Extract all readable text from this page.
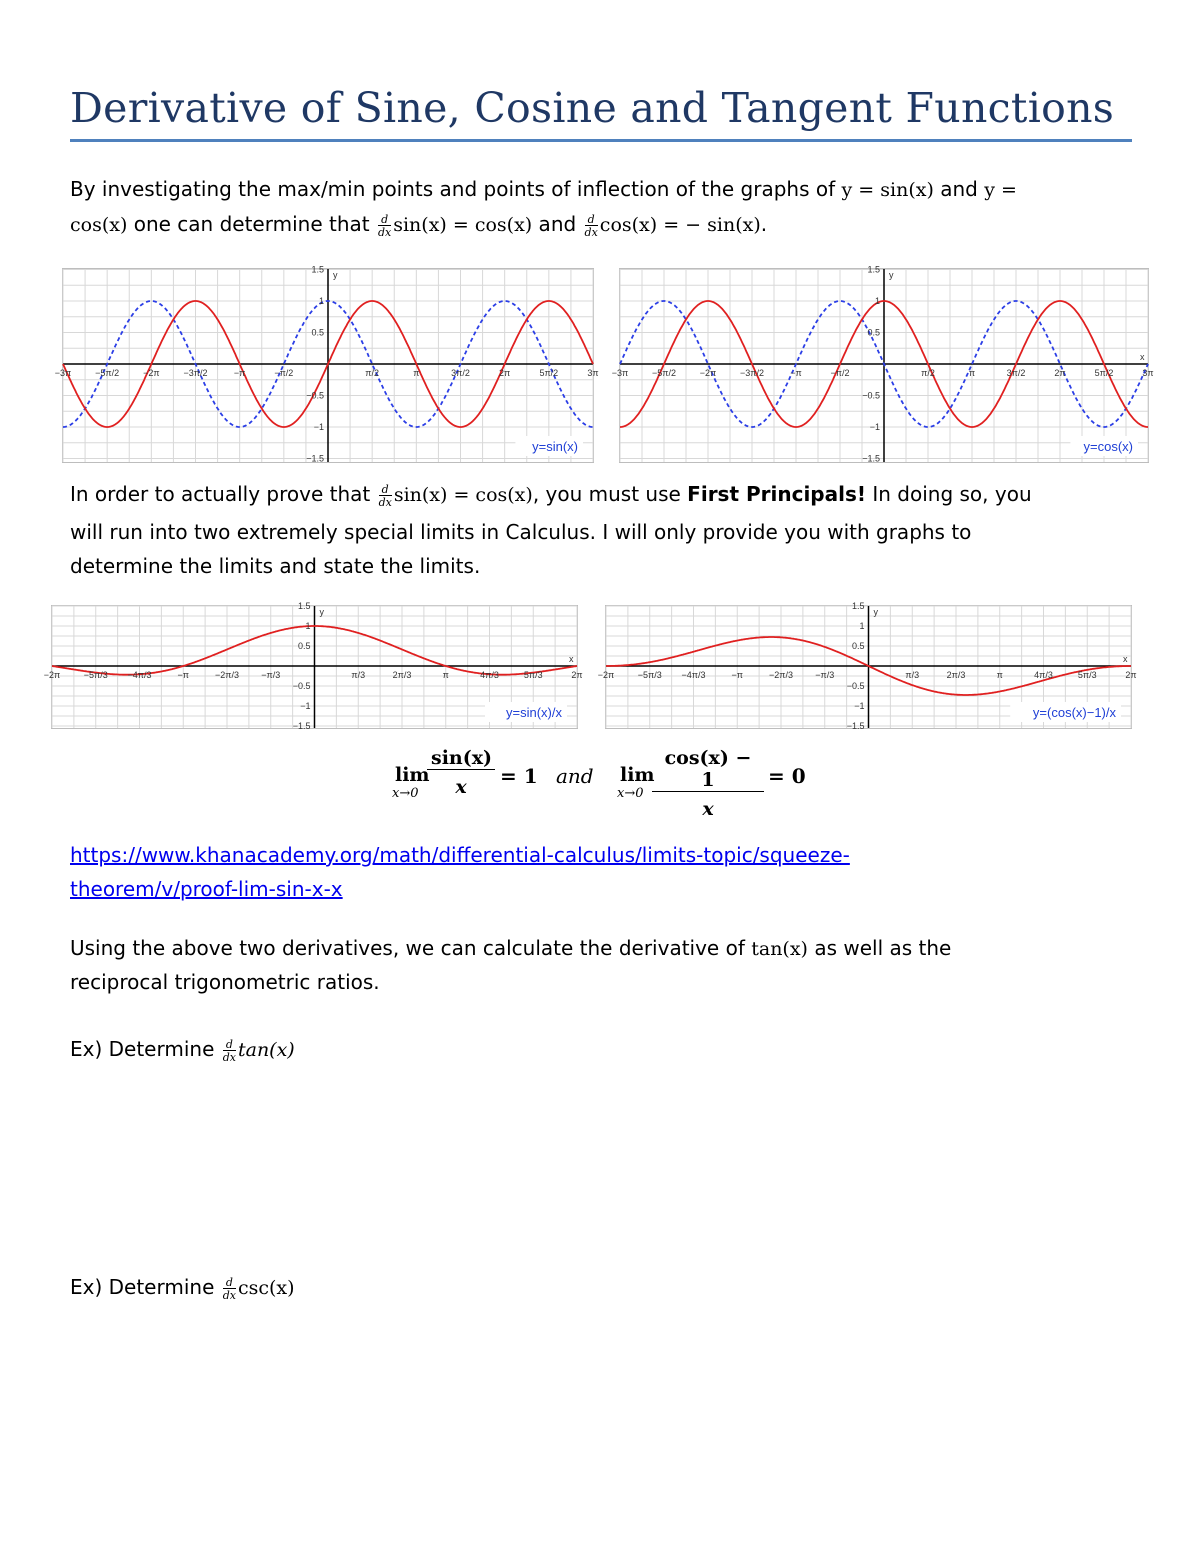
Derivative of Sine, Cosine and Tangent Functions
By investigating the max/min points and points of inflection of the graphs of y = sin(x) and y =
cos(x) one can determine that $\frac{d}{dx} \sin(x) = \cos(x)$ and $\frac{d}{dx} \cos(x)$ = − sin(x).
−3π	−5π/2	−2π	−3π/2	−π	−π/2	π/2	π	3π/2	2π	5π/2	3π
1.5
1
0.5
−0.5
−1
−1.5
y
y=sin(x)
−3π	−5π/2	−2π	−3π/2	−π	−π/2	π/2	π	3π/2	2π	5π/2	3π
1.5
1
0.5
−0.5
−1
−1.5
y
x
y=cos(x)
In order to actually prove that $\frac{d}{dx} \sin(x) = \cos(x)$, you must use First Principals! In doing so, you
will run into two extremely special limits in Calculus. I will only provide you with graphs to
determine the limits and state the limits.
−2π	−5π/3 −4π/3	−π	−2π/3 −π/3	π/3	2π/3	π	4π/3	5π/3	2π
1.5
1
0.5
−0.5
−1
−1.5
y
x
y=sin(x)/x
−2π	−5π/3 −4π/3	−π	−2π/3 −π/3	π/3	2π/3	π	4π/3	5π/3	2π
1.5
1
0.5
−0.5
−1
−1.5
y
x
y=(cos(x)−1)/x
lim
x→0
sin(x)
x	= 1 and lim
x→0
cos(x) − 1
x
= 0
https://www.khanacademy.org/math/differential-calculus/limits-topic/squeeze-
theorem/v/proof-lim-sin-x-x
Using the above two derivatives, we can calculate the derivative of tan(x) as well as the
reciprocal trigonometric ratios.
Ex) Determine $\frac{d}{dx} \tan(x)$
Ex) Determine $\frac{d}{dx} \csc(x)$
